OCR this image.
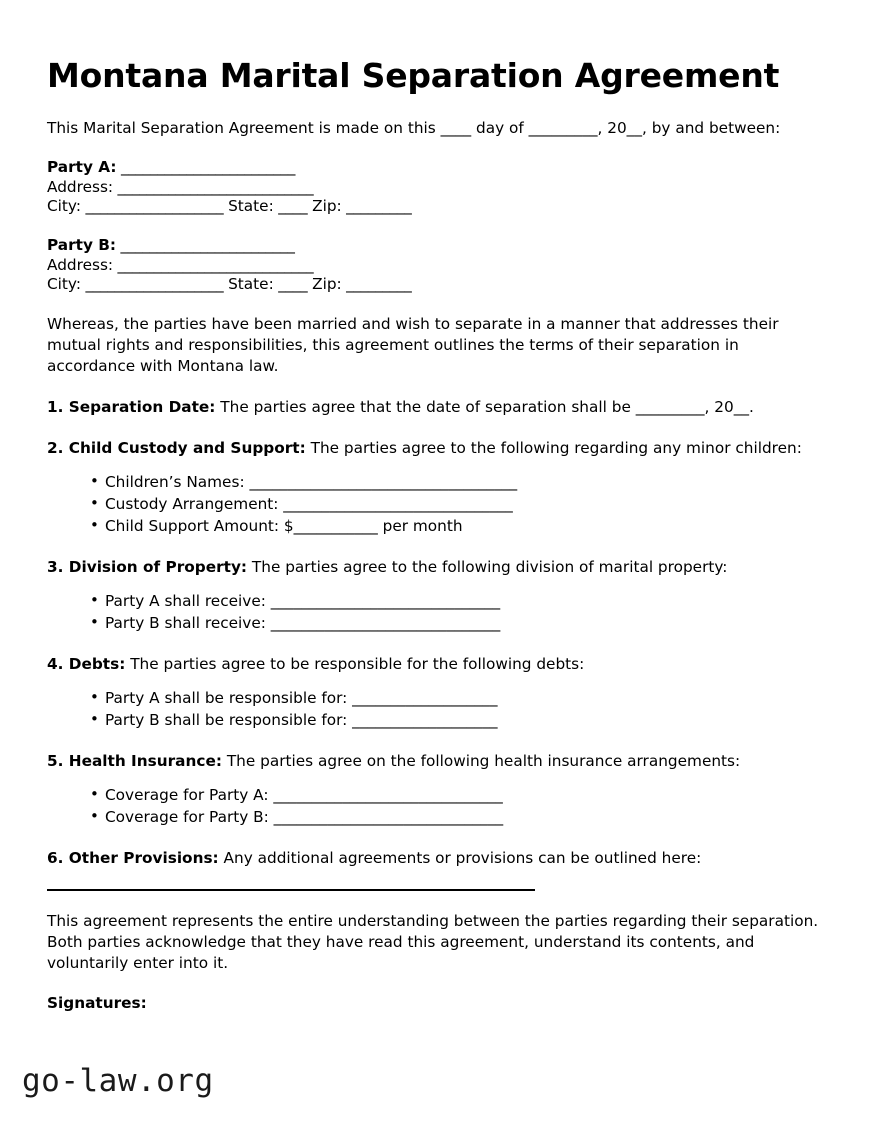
Montana Marital Separation Agreement

This Marital Separation Agreement is made on this ____ day of _________, 20__, by and between:

Party A: ________________________
Address: ___________________________
City: ___________________ State: ____ Zip: _________
Party B: ________________________
Address: ___________________________
City: ___________________ State: ____ Zip: _________

Whereas, the parties have been married and wish to separate in a manner that addresses their mutual rights and responsibilities, this agreement outlines the terms of their separation in accordance with Montana law.

1. Separation Date: The parties agree that the date of separation shall be _________, 20__.
2. Child Custody and Support: The parties agree to the following regarding any minor children:
• Children’s Names: ___________________________________
• Custody Arrangement: ______________________________
• Child Support Amount: $___________ per month
3. Division of Property: The parties agree to the following division of marital property:
• Party A shall receive: ______________________________
• Party B shall receive: ______________________________
4. Debts: The parties agree to be responsible for the following debts:
• Party A shall be responsible for: ___________________
• Party B shall be responsible for: ___________________
5. Health Insurance: The parties agree on the following health insurance arrangements:
• Coverage for Party A: ______________________________
• Coverage for Party B: ______________________________
6. Other Provisions: Any additional agreements or provisions can be outlined here:

This agreement represents the entire understanding between the parties regarding their separation. Both parties acknowledge that they have read this agreement, understand its contents, and voluntarily enter into it.

Signatures:
go-law.org
